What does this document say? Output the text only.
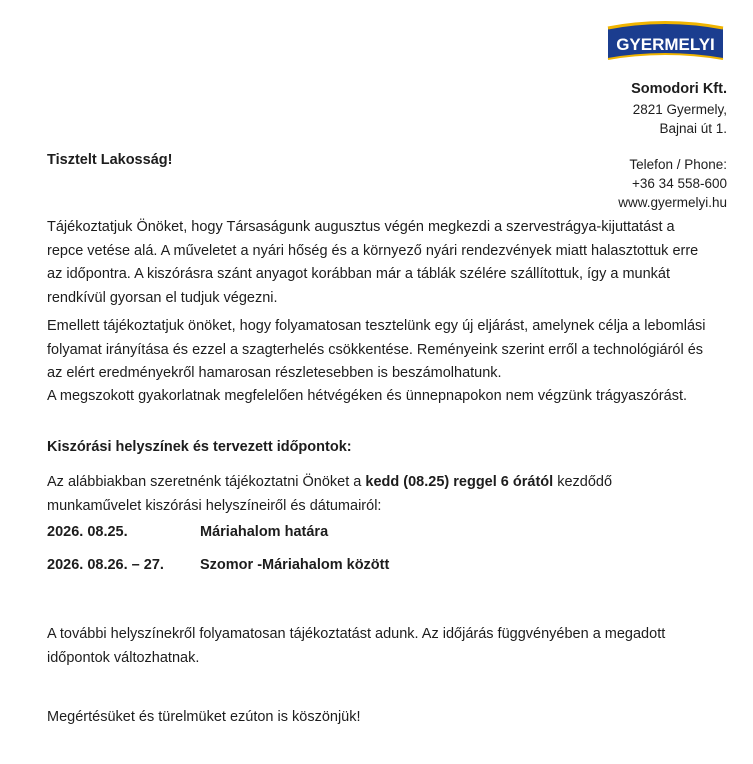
GYERMELYI
Somodori Kft.
2821 Gyermely,
Bajnai út 1.
Telefon / Phone:
+36 34 558-600
www.gyermelyi.hu
Tisztelt Lakosság!
Tájékoztatjuk Önöket, hogy Társaságunk augusztus végén megkezdi a szervestrágya-kijuttatást a repce vetése alá. A műveletet a nyári hőség és a környező nyári rendezvények miatt halasztottuk erre az időpontra. A kiszórásra szánt anyagot korábban már a táblák szélére szállítottuk, így a munkát rendkívül gyorsan el tudjuk végezni.
Emellett tájékoztatjuk önöket, hogy folyamatosan tesztelünk egy új eljárást, amelynek célja a lebomlási folyamat irányítása és ezzel a szagterhelés csökkentése. Reményeink szerint erről a technológiáról és az elért eredményekről hamarosan részletesebben is beszámolhatunk.
A megszokott gyakorlatnak megfelelően hétvégéken és ünnepnapokon nem végzünk trágyaszórást.
Kiszórási helyszínek és tervezett időpontok:
Az alábbiakban szeretnénk tájékoztatni Önöket a kedd (08.25) reggel 6 órától kezdődő munkaművelet kiszórási helyszíneiről és dátumairól:
2026. 08.25.	Máriahalom határa
2026. 08.26. – 27. Szomor -Máriahalom között
A további helyszínekről folyamatosan tájékoztatást adunk. Az időjárás függvényében a megadott időpontok változhatnak.
Megértésüket és türelmüket ezúton is köszönjük!
